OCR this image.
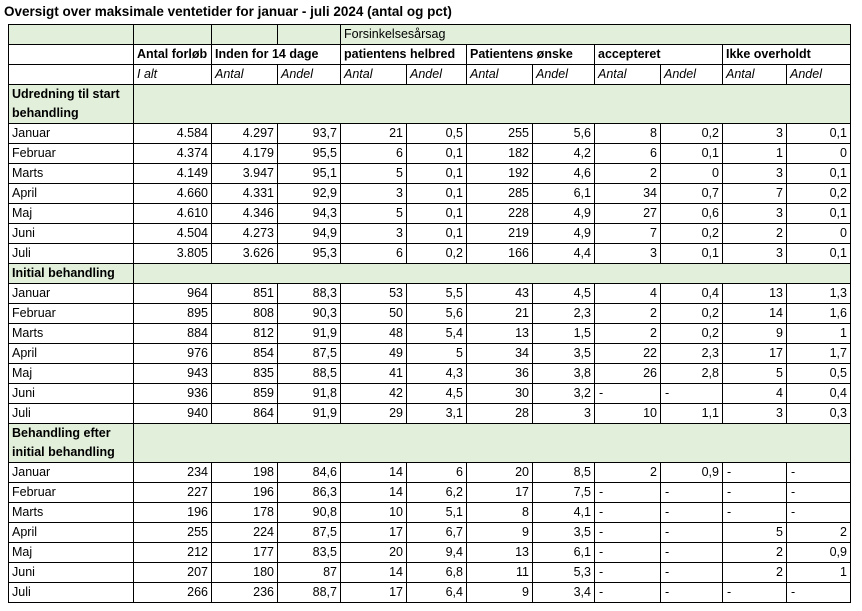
Oversigt over maksimale ventetider for januar - juli 2024 (antal og pct)
				Forsinkelsesårsag							
	Antal forløb	Inden for 14 dage		patientens helbred		Patientens ønske		accepteret		Ikke overholdt	
	I alt	Antal	Andel	Antal	Andel	Antal	Andel	Antal	Andel	Antal	Andel
Udredning til start behandling											
Januar	4.584	4.297	93,7	21	0,5	255	5,6	8	0,2	3	0,1
Februar	4.374	4.179	95,5	6	0,1	182	4,2	6	0,1	1	0
Marts	4.149	3.947	95,1	5	0,1	192	4,6	2	0	3	0,1
April	4.660	4.331	92,9	3	0,1	285	6,1	34	0,7	7	0,2
Maj	4.610	4.346	94,3	5	0,1	228	4,9	27	0,6	3	0,1
Juni	4.504	4.273	94,9	3	0,1	219	4,9	7	0,2	2	0
Juli	3.805	3.626	95,3	6	0,2	166	4,4	3	0,1	3	0,1
Initial behandling											
Januar	964	851	88,3	53	5,5	43	4,5	4	0,4	13	1,3
Februar	895	808	90,3	50	5,6	21	2,3	2	0,2	14	1,6
Marts	884	812	91,9	48	5,4	13	1,5	2	0,2	9	1
April	976	854	87,5	49	5	34	3,5	22	2,3	17	1,7
Maj	943	835	88,5	41	4,3	36	3,8	26	2,8	5	0,5
Juni	936	859	91,8	42	4,5	30	3,2	-	-	4	0,4
Juli	940	864	91,9	29	3,1	28	3	10	1,1	3	0,3
Behandling efter initial behandling											
Januar	234	198	84,6	14	6	20	8,5	2	0,9	-	-

Februar	227	196	86,3	14	6,2	17	7,5	-	-	-	-

Marts	196	178	90,8	10	5,1	8	4,1	-	-	-	-

April	255	224	87,5	17	6,7	9	3,5	-	-	5	2
Maj	212	177	83,5	20	9,4	13	6,1	-	-	2	0,9
Juni	207	180	87	14	6,8	11	5,3	-	-	2	1
Juli	266	236	88,7	17	6,4	9	3,4	-	-	-	-
